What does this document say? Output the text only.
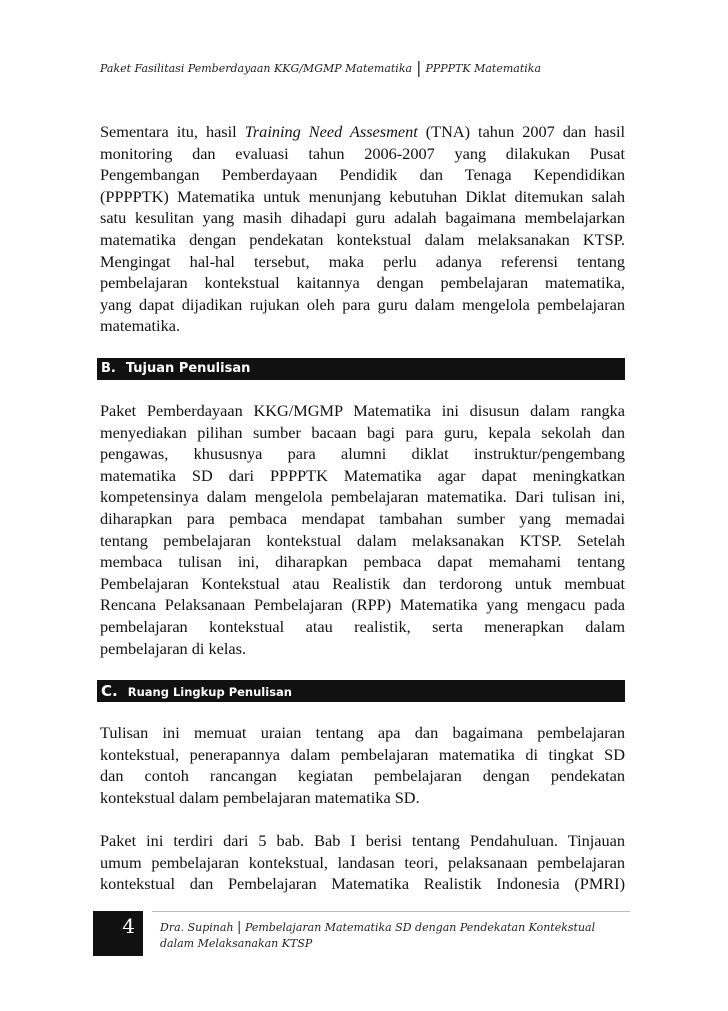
Paket Fasilitasi Pemberdayaan KKG/MGMP Matematika | PPPPTK Matematika
Sementara itu, hasil Training Need Assesment (TNA) tahun 2007 dan hasil
monitoring dan evaluasi tahun 2006-2007 yang dilakukan Pusat
Pengembangan Pemberdayaan Pendidik dan Tenaga Kependidikan
(PPPPTK) Matematika untuk menunjang kebutuhan Diklat ditemukan salah
satu kesulitan yang masih dihadapi guru adalah bagaimana membelajarkan
matematika dengan pendekatan kontekstual dalam melaksanakan KTSP.
Mengingat hal-hal tersebut, maka perlu adanya referensi tentang
pembelajaran kontekstual kaitannya dengan pembelajaran matematika,
yang dapat dijadikan rujukan oleh para guru dalam mengelola pembelajaran
matematika.
B. Tujuan Penulisan
Paket Pemberdayaan KKG/MGMP Matematika ini disusun dalam rangka
menyediakan pilihan sumber bacaan bagi para guru, kepala sekolah dan
pengawas, khususnya para alumni diklat instruktur/pengembang
matematika SD dari PPPPTK Matematika agar dapat meningkatkan
kompetensinya dalam mengelola pembelajaran matematika. Dari tulisan ini,
diharapkan para pembaca mendapat tambahan sumber yang memadai
tentang pembelajaran kontekstual dalam melaksanakan KTSP. Setelah
membaca tulisan ini, diharapkan pembaca dapat memahami tentang
Pembelajaran Kontekstual atau Realistik dan terdorong untuk membuat
Rencana Pelaksanaan Pembelajaran (RPP) Matematika yang mengacu pada
pembelajaran kontekstual atau realistik, serta menerapkan dalam
pembelajaran di kelas.
C. Ruang Lingkup Penulisan
Tulisan ini memuat uraian tentang apa dan bagaimana pembelajaran
kontekstual, penerapannya dalam pembelajaran matematika di tingkat SD
dan contoh rancangan kegiatan pembelajaran dengan pendekatan
kontekstual dalam pembelajaran matematika SD.
Paket ini terdiri dari 5 bab. Bab I berisi tentang Pendahuluan. Tinjauan
umum pembelajaran kontekstual, landasan teori, pelaksanaan pembelajaran
kontekstual dan Pembelajaran Matematika Realistik Indonesia (PMRI)
4	Dra. Supinah | Pembelajaran Matematika SD dengan Pendekatan Kontekstual
dalam Melaksanakan KTSP
